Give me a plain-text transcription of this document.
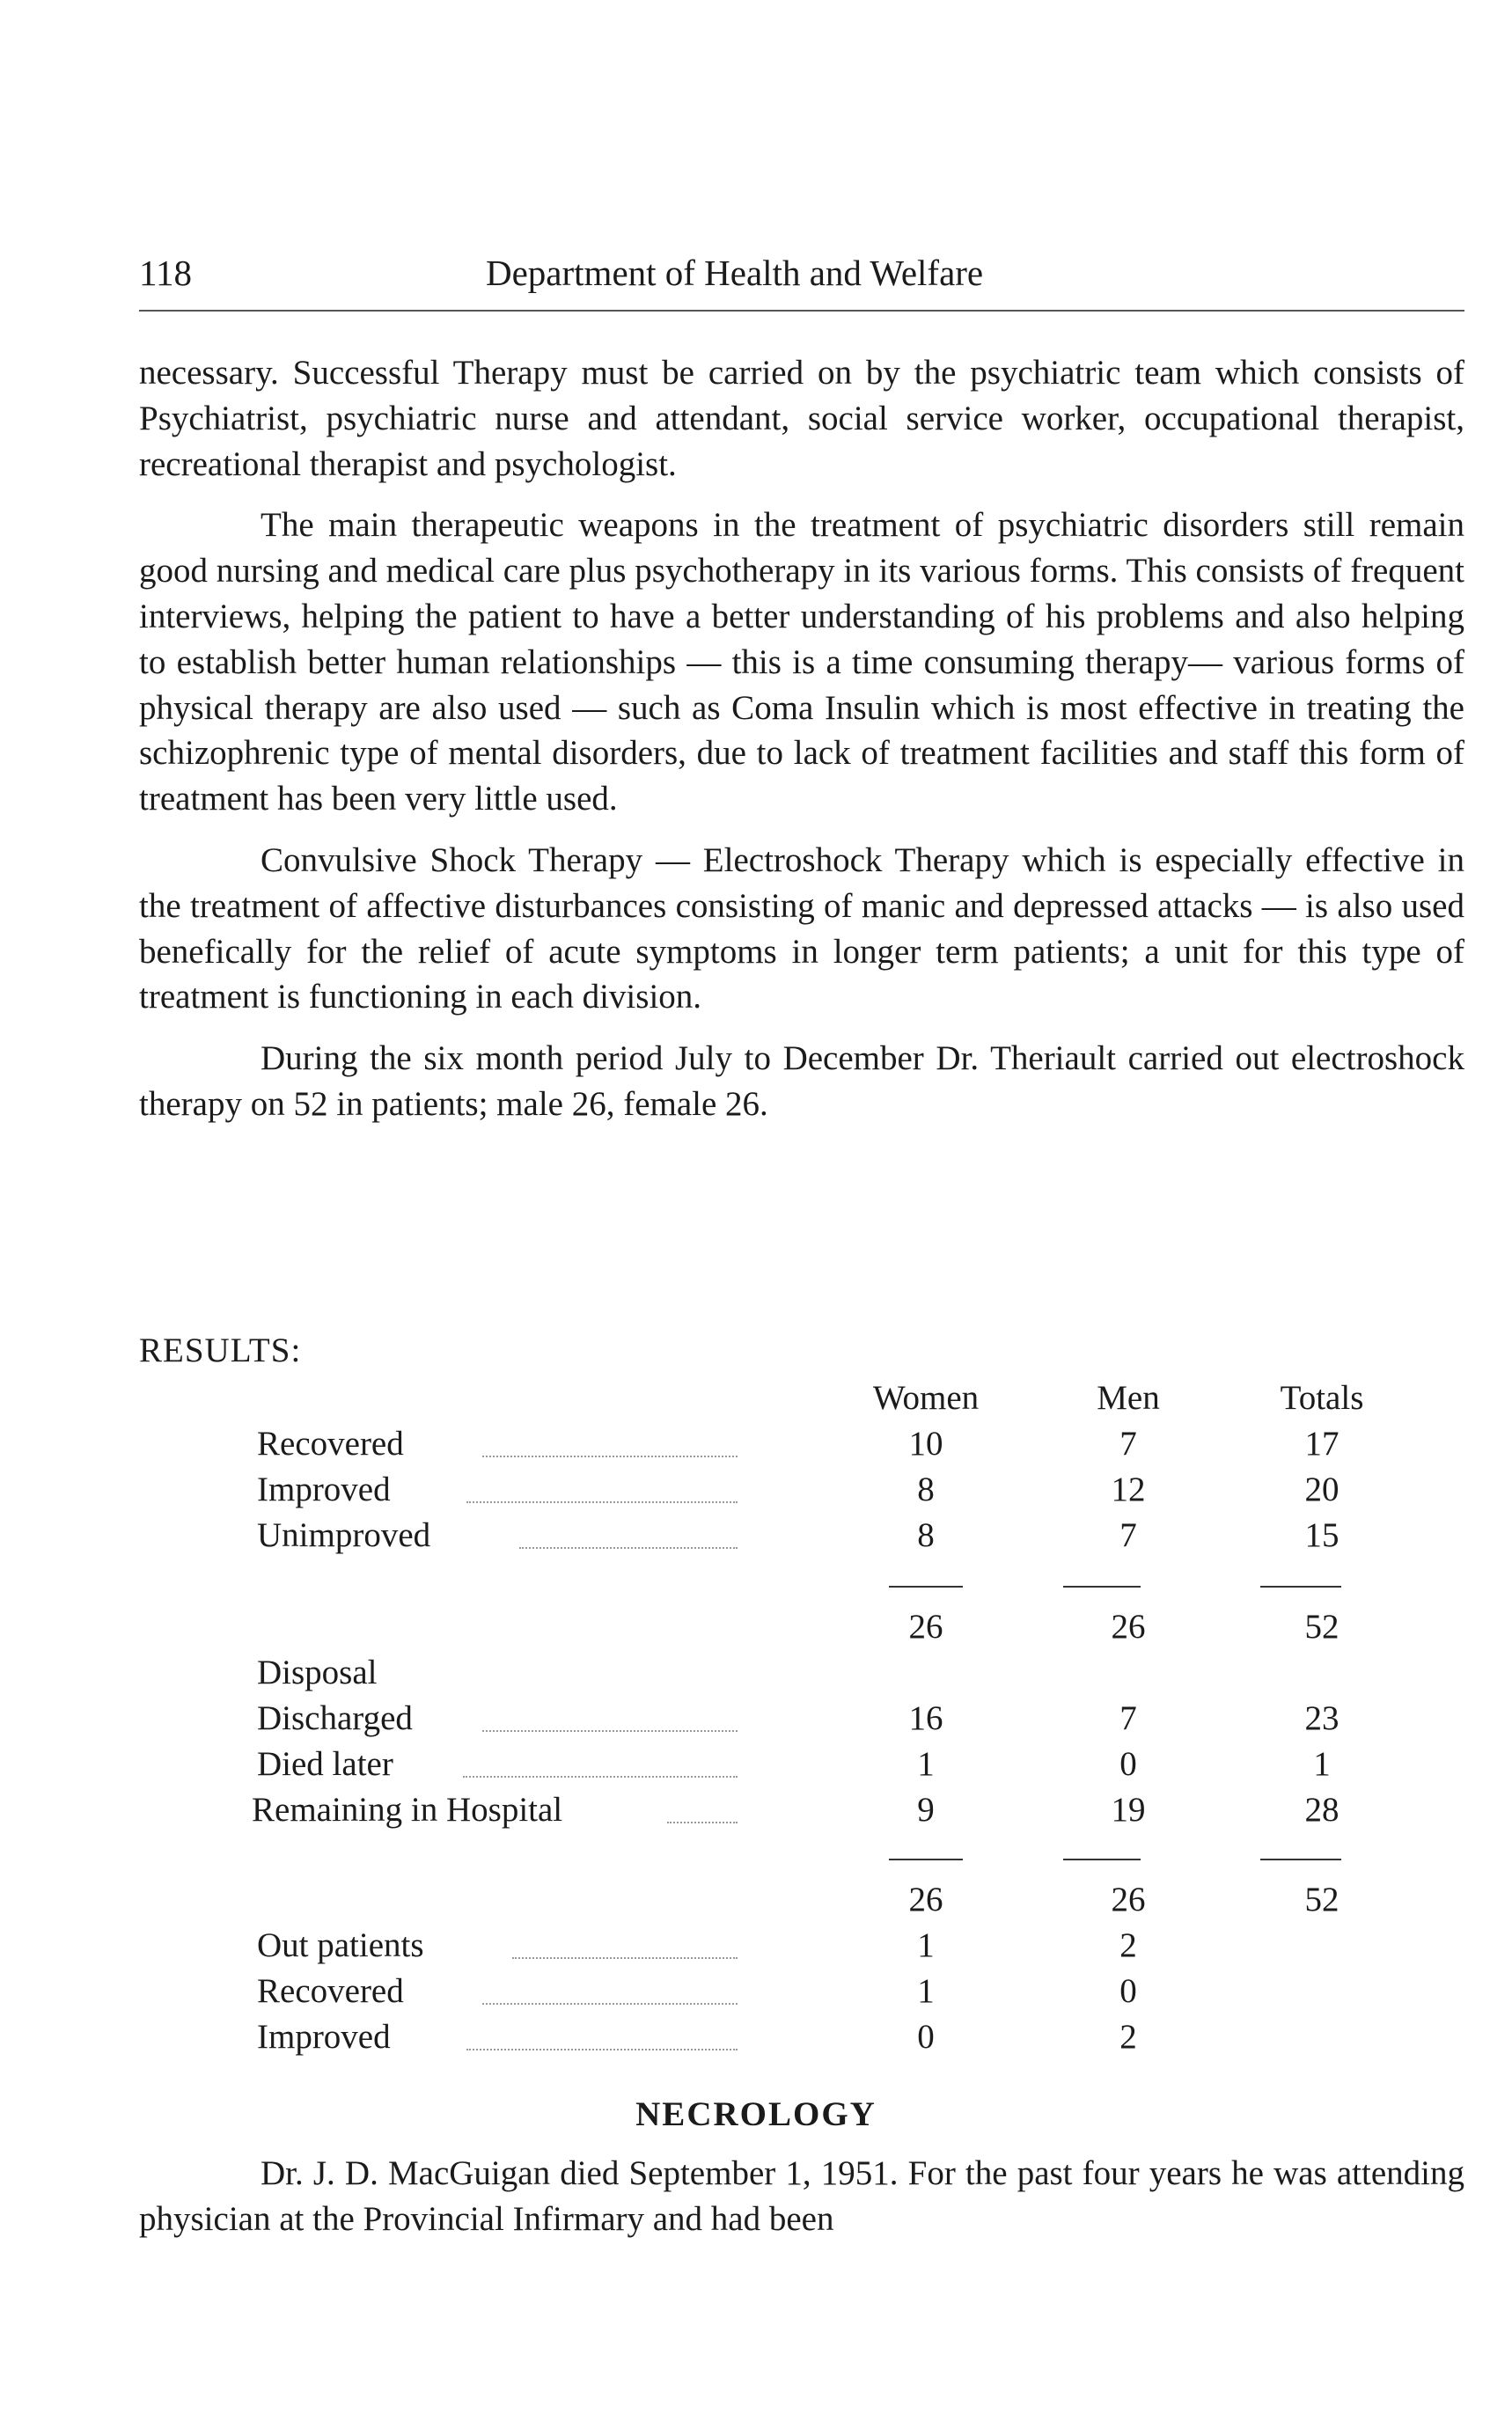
118	Department of Health and Welfare

necessary. Successful Therapy must be carried on by the psychiatric team which consists of Psychiatrist, psychiatric nurse and attendant, social service worker, occupational therapist, recreational therapist and psychologist.

The main therapeutic weapons in the treatment of psychiatric disorders still remain good nursing and medical care plus psychotherapy in its various forms. This consists of frequent interviews, helping the patient to have a better understanding of his problems and also helping to establish better human relationships — this is a time consuming therapy— various forms of physical therapy are also used — such as Coma Insulin which is most effective in treating the schizophrenic type of mental disorders, due to lack of treatment facilities and staff this form of treatment has been very little used.

Convulsive Shock Therapy — Electroshock Therapy which is especially effective in the treatment of affective disturbances consisting of manic and depressed attacks — is also used benefically for the relief of acute symptoms in longer term patients; a unit for this type of treatment is functioning in each division.

During the six month period July to December Dr. Theriault carried out electroshock therapy on 52 in patients; male 26, female 26.

RESULTS:
Women	Men	Totals
Recovered	10	7	17
Improved	8	12	20
Unimproved	8	7	15
26	26	52
Disposal
Discharged	16	7	23
Died later	1	0	1
Remaining in Hospital	9	19	28
26	26	52
Out patients	1	2
Recovered	1	0
Improved	0	2
NECROLOGY

Dr. J. D. MacGuigan died September 1, 1951. For the past four years he was attending physician at the Provincial Infirmary and had been
